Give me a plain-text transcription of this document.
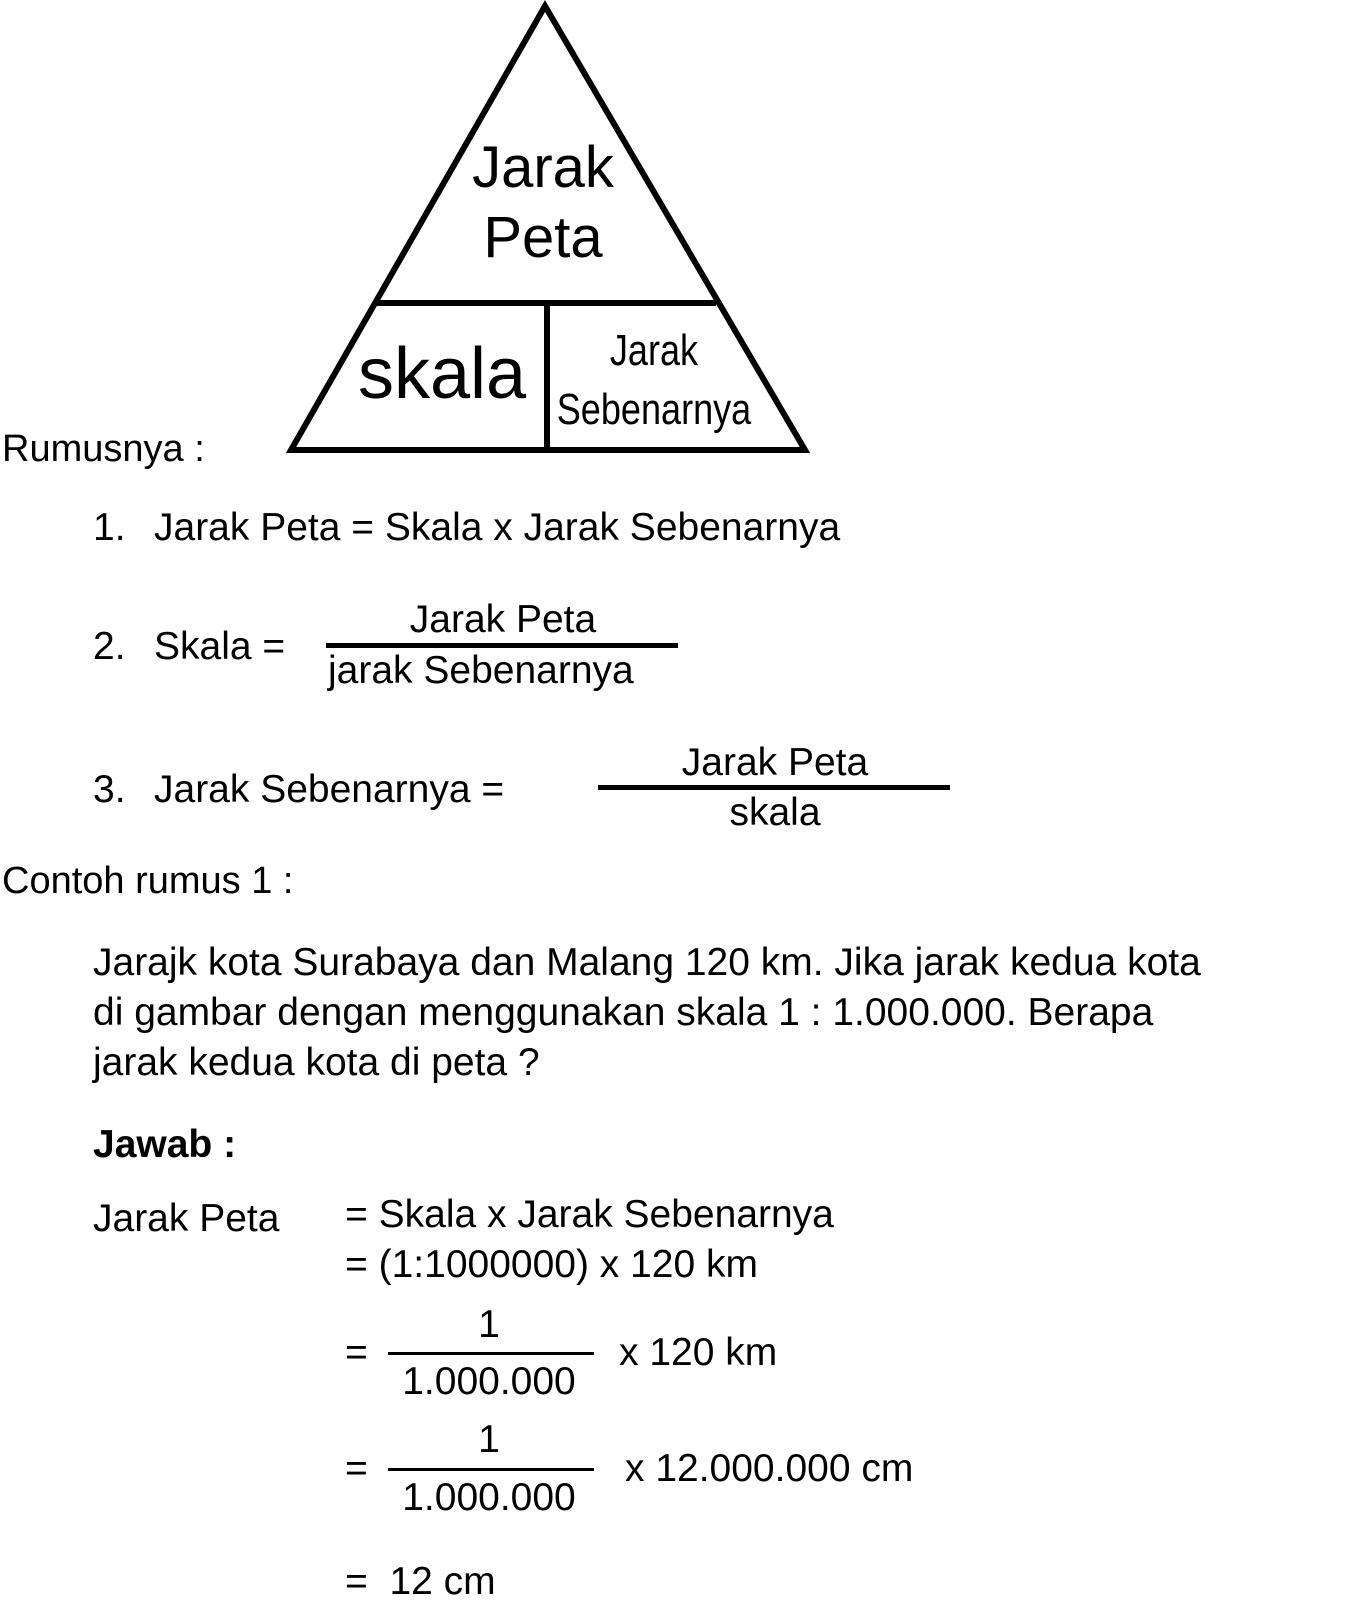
Jarak
Peta
skala Jarak
Sebenarnya
Rumusnya :
1. Jarak Peta = Skala x Jarak Sebenarnya
2. Skala =
Jarak Peta
jarak Sebenarnya
3. Jarak Sebenarnya =
Jarak Peta
skala
Contoh rumus 1 :
Jarajk kota Surabaya dan Malang 120 km. Jika jarak kedua kota
di gambar dengan menggunakan skala 1 : 1.000.000. Berapa
jarak kedua kota di peta ?
Jawab :
Jarak Peta = Skala x Jarak Sebenarnya
= (1:1000000) x 120 km
=
1
1.000.000
x 120 km
=
1
1.000.000
x 12.000.000 cm
=  12 cm
